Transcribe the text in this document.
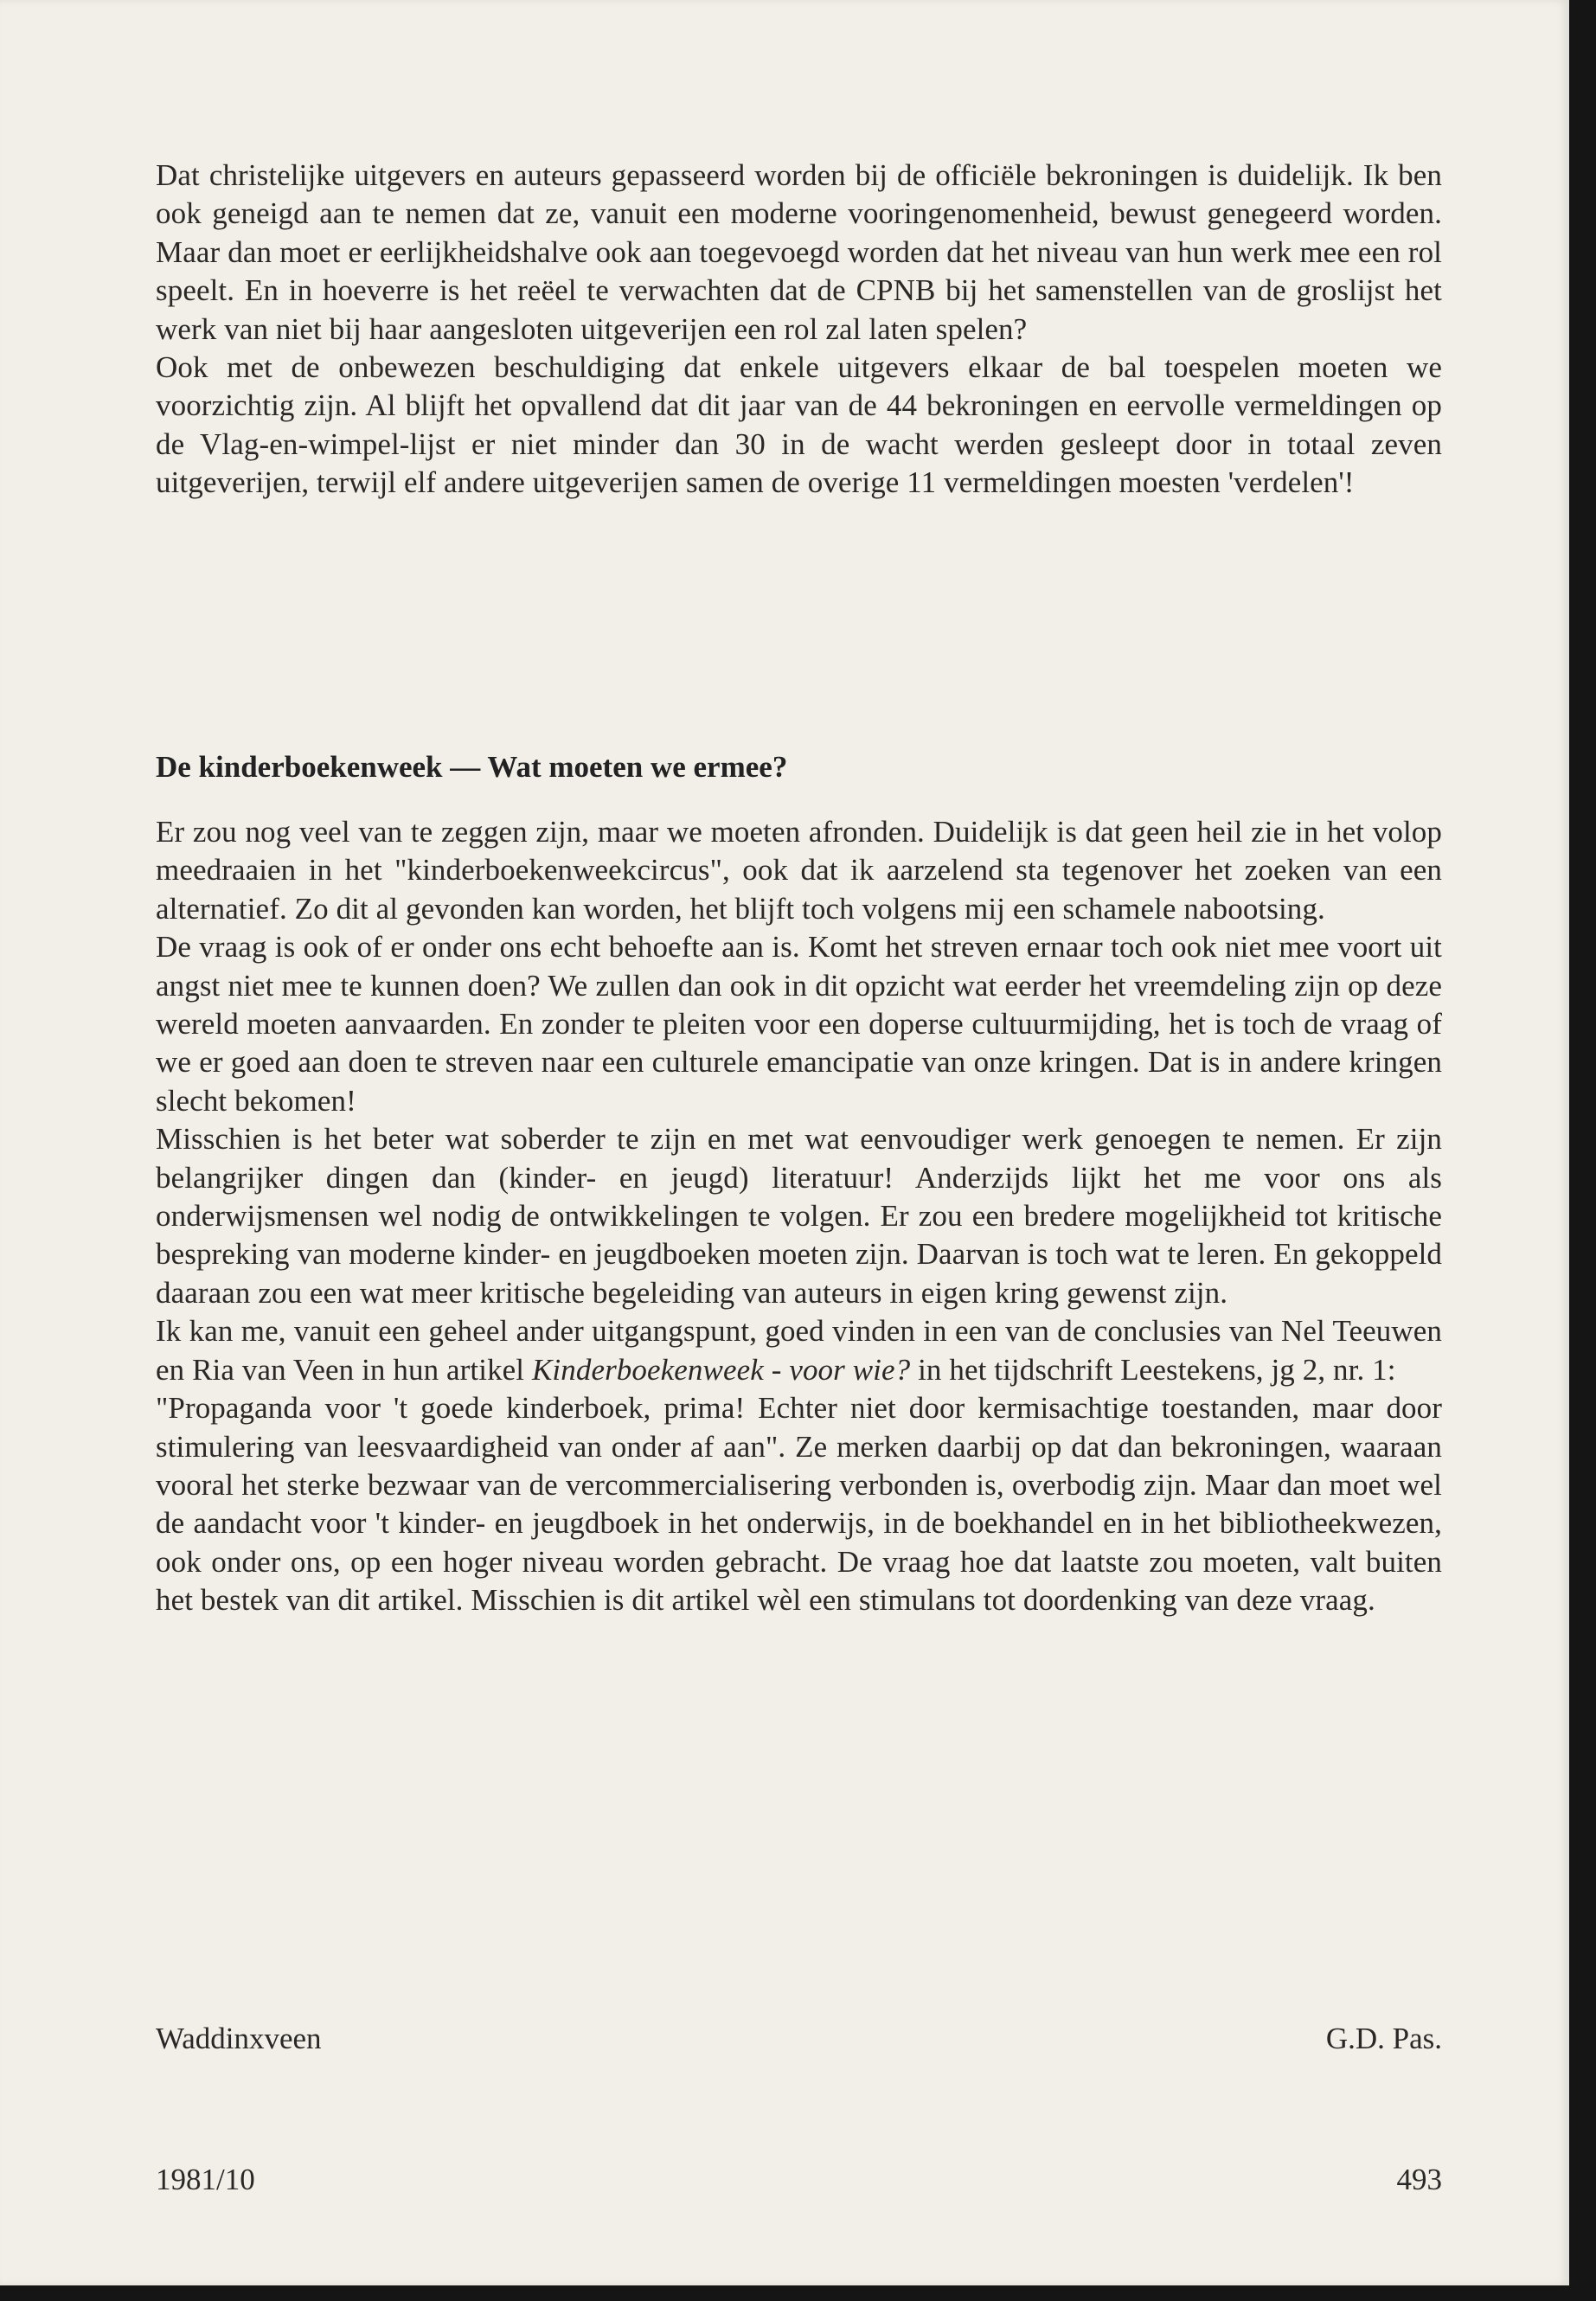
Dat christelijke uitgevers en auteurs gepasseerd worden bij de officiële bekroningen is duidelijk. Ik ben ook geneigd aan te nemen dat ze, vanuit een moderne vooringenomenheid, bewust genegeerd worden. Maar dan moet er eerlijkheidshalve ook aan toegevoegd worden dat het niveau van hun werk mee een rol speelt. En in hoeverre is het reëel te verwachten dat de CPNB bij het samenstellen van de groslijst het werk van niet bij haar aangesloten uitgeverijen een rol zal laten spelen?

Ook met de onbewezen beschuldiging dat enkele uitgevers elkaar de bal toespelen moeten we voorzichtig zijn. Al blijft het opvallend dat dit jaar van de 44 bekroningen en eervolle vermeldingen op de Vlag-en-wimpel-lijst er niet minder dan 30 in de wacht werden gesleept door in totaal zeven uitgeverijen, terwijl elf andere uitgeverijen samen de overige 11 vermeldingen moesten 'verdelen'!

De kinderboekenweek — Wat moeten we ermee?

Er zou nog veel van te zeggen zijn, maar we moeten afronden. Duidelijk is dat geen heil zie in het volop meedraaien in het "kinderboekenweekcircus", ook dat ik aarzelend sta tegenover het zoeken van een alternatief. Zo dit al gevonden kan worden, het blijft toch volgens mij een schamele nabootsing.

De vraag is ook of er onder ons echt behoefte aan is. Komt het streven ernaar toch ook niet mee voort uit angst niet mee te kunnen doen? We zullen dan ook in dit opzicht wat eerder het vreemdeling zijn op deze wereld moeten aanvaarden. En zonder te pleiten voor een doperse cultuurmijding, het is toch de vraag of we er goed aan doen te streven naar een culturele emancipatie van onze kringen. Dat is in andere kringen slecht bekomen!

Misschien is het beter wat soberder te zijn en met wat eenvoudiger werk genoegen te nemen. Er zijn belangrijker dingen dan (kinder- en jeugd) literatuur! Anderzijds lijkt het me voor ons als onderwijsmensen wel nodig de ontwikkelingen te volgen. Er zou een bredere mogelijkheid tot kritische bespreking van moderne kinder- en jeugdboeken moeten zijn. Daarvan is toch wat te leren. En gekoppeld daaraan zou een wat meer kritische begeleiding van auteurs in eigen kring gewenst zijn.

Ik kan me, vanuit een geheel ander uitgangspunt, goed vinden in een van de conclusies van Nel Teeuwen en Ria van Veen in hun artikel Kinderboekenweek - voor wie? in het tijdschrift Leestekens, jg 2, nr. 1:

"Propaganda voor 't goede kinderboek, prima! Echter niet door kermisachtige toestanden, maar door stimulering van leesvaardigheid van onder af aan". Ze merken daarbij op dat dan bekroningen, waaraan vooral het sterke bezwaar van de vercommercialisering verbonden is, overbodig zijn. Maar dan moet wel de aandacht voor 't kinder- en jeugdboek in het onderwijs, in de boekhandel en in het bibliotheekwezen, ook onder ons, op een hoger niveau worden gebracht. De vraag hoe dat laatste zou moeten, valt buiten het bestek van dit artikel. Misschien is dit artikel wèl een stimulans tot doordenking van deze vraag.

Waddinxveen	G.D. Pas.
1981/10	493
